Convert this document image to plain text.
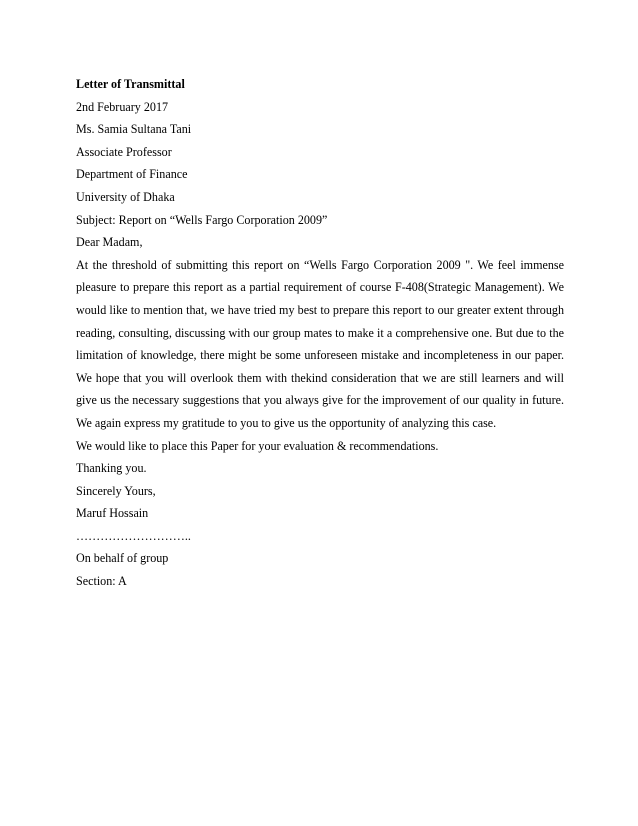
Letter of Transmittal
2nd February 2017
Ms. Samia Sultana Tani
Associate Professor
Department of Finance
University of Dhaka
Subject: Report on “Wells Fargo Corporation 2009”
Dear Madam,
At the threshold of submitting this report on “Wells Fargo Corporation 2009 ". We feel immense pleasure to prepare this report as a partial requirement of course F-408(Strategic Management). We would like to mention that, we have tried my best to prepare this report to our greater extent through reading, consulting, discussing with our group mates to make it a comprehensive one. But due to the limitation of knowledge, there might be some unforeseen mistake and incompleteness in our paper. We hope that you will overlook them with thekind consideration that we are still learners and will give us the necessary suggestions that you always give for the improvement of our quality in future. We again express my gratitude to you to give us the opportunity of analyzing this case.
We would like to place this Paper for your evaluation & recommendations.
Thanking you.
Sincerely Yours,
Maruf Hossain
………………………..
On behalf of group
Section: A
